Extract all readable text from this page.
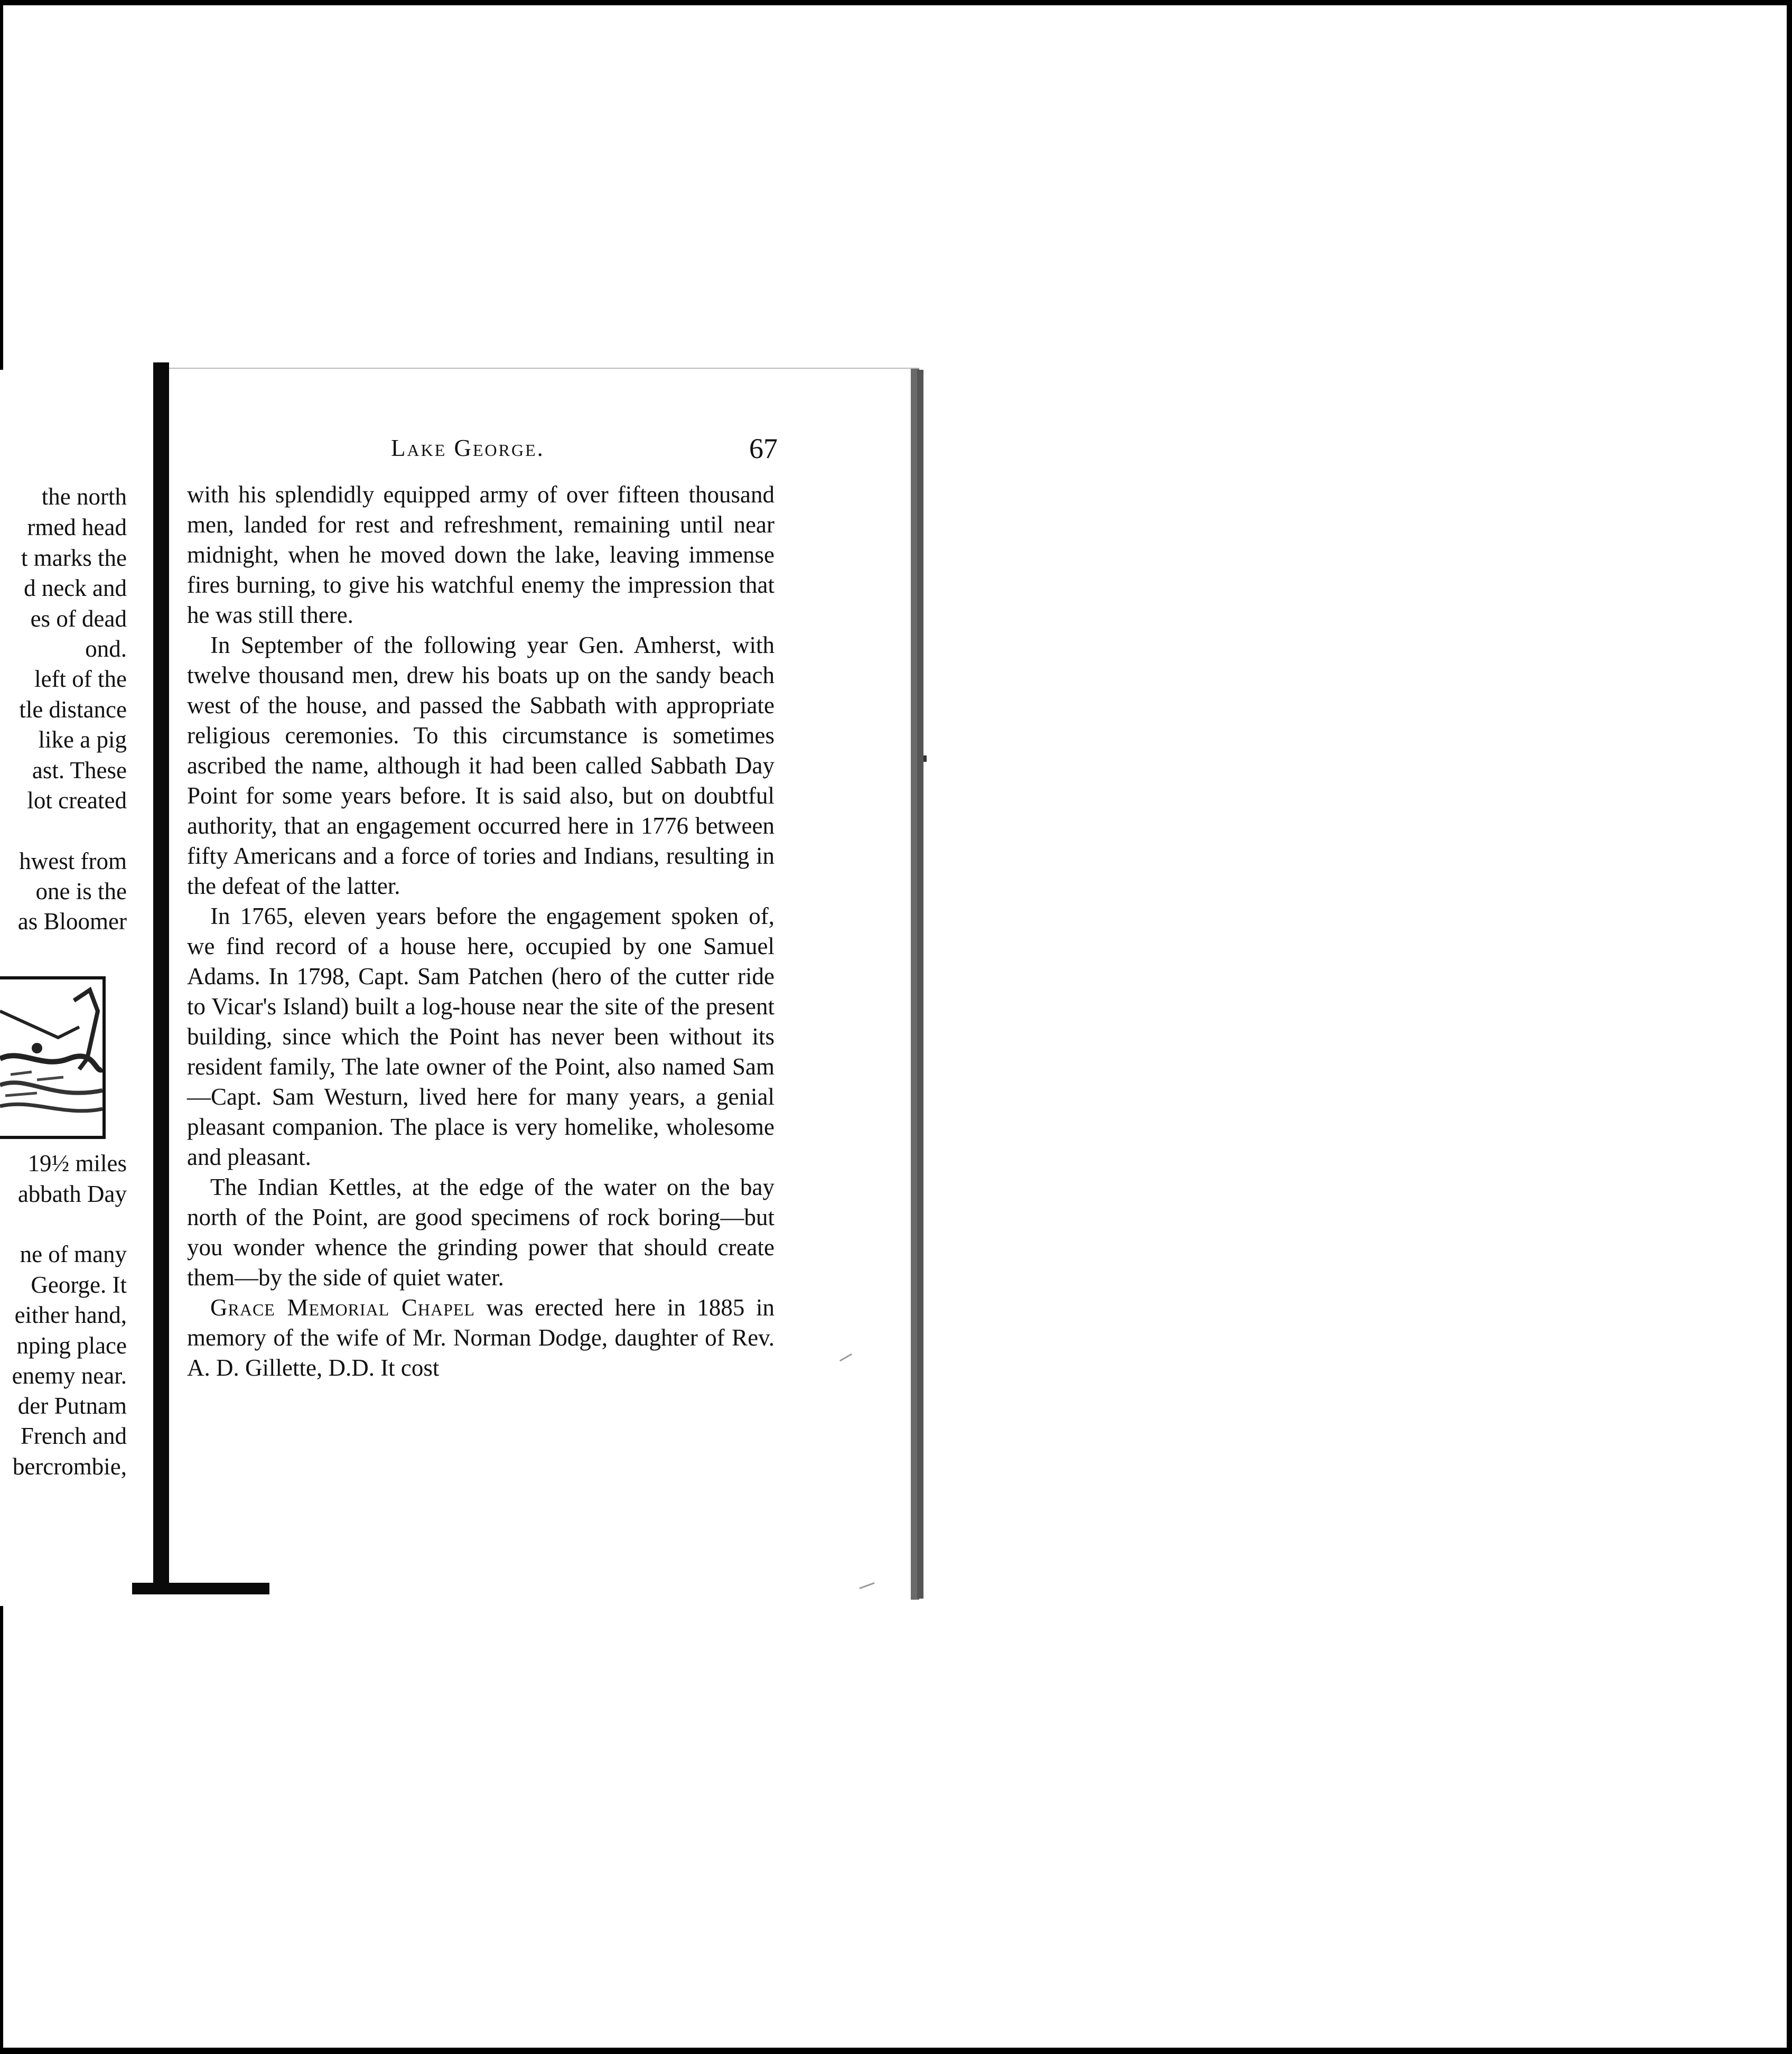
the north
rmed head
t marks the
d neck and
es of dead
ond.
left of the
tle distance
like a pig
ast. These
lot created
hwest from
one is the
as Bloomer
19½ miles
abbath Day
ne of many
George. It
either hand,
nping place
enemy near.
der Putnam
French and
bercrombie,
Lake George.	67

with his splendidly equipped army of over fifteen thousand men, landed for rest and refreshment, remaining until near midnight, when he moved down the lake, leaving immense fires burning, to give his watchful enemy the impression that he was still there.

In September of the following year Gen. Amherst, with twelve thousand men, drew his boats up on the sandy beach west of the house, and passed the Sabbath with appropriate religious ceremonies. To this circumstance is sometimes ascribed the name, although it had been called Sabbath Day Point for some years before. It is said also, but on doubtful authority, that an engagement occurred here in 1776 between fifty Americans and a force of tories and Indians, resulting in the defeat of the latter.

In 1765, eleven years before the engagement spoken of, we find record of a house here, occupied by one Samuel Adams. In 1798, Capt. Sam Patchen (hero of the cutter ride to Vicar's Island) built a log-house near the site of the present building, since which the Point has never been without its resident family, The late owner of the Point, also named Sam—Capt. Sam Westurn, lived here for many years, a genial pleasant companion. The place is very homelike, wholesome and pleasant.

The Indian Kettles, at the edge of the water on the bay north of the Point, are good specimens of rock boring—but you wonder whence the grinding power that should create them—by the side of quiet water.

Grace Memorial Chapel was erected here in 1885 in memory of the wife of Mr. Norman Dodge, daughter of Rev. A. D. Gillette, D.D. It cost
